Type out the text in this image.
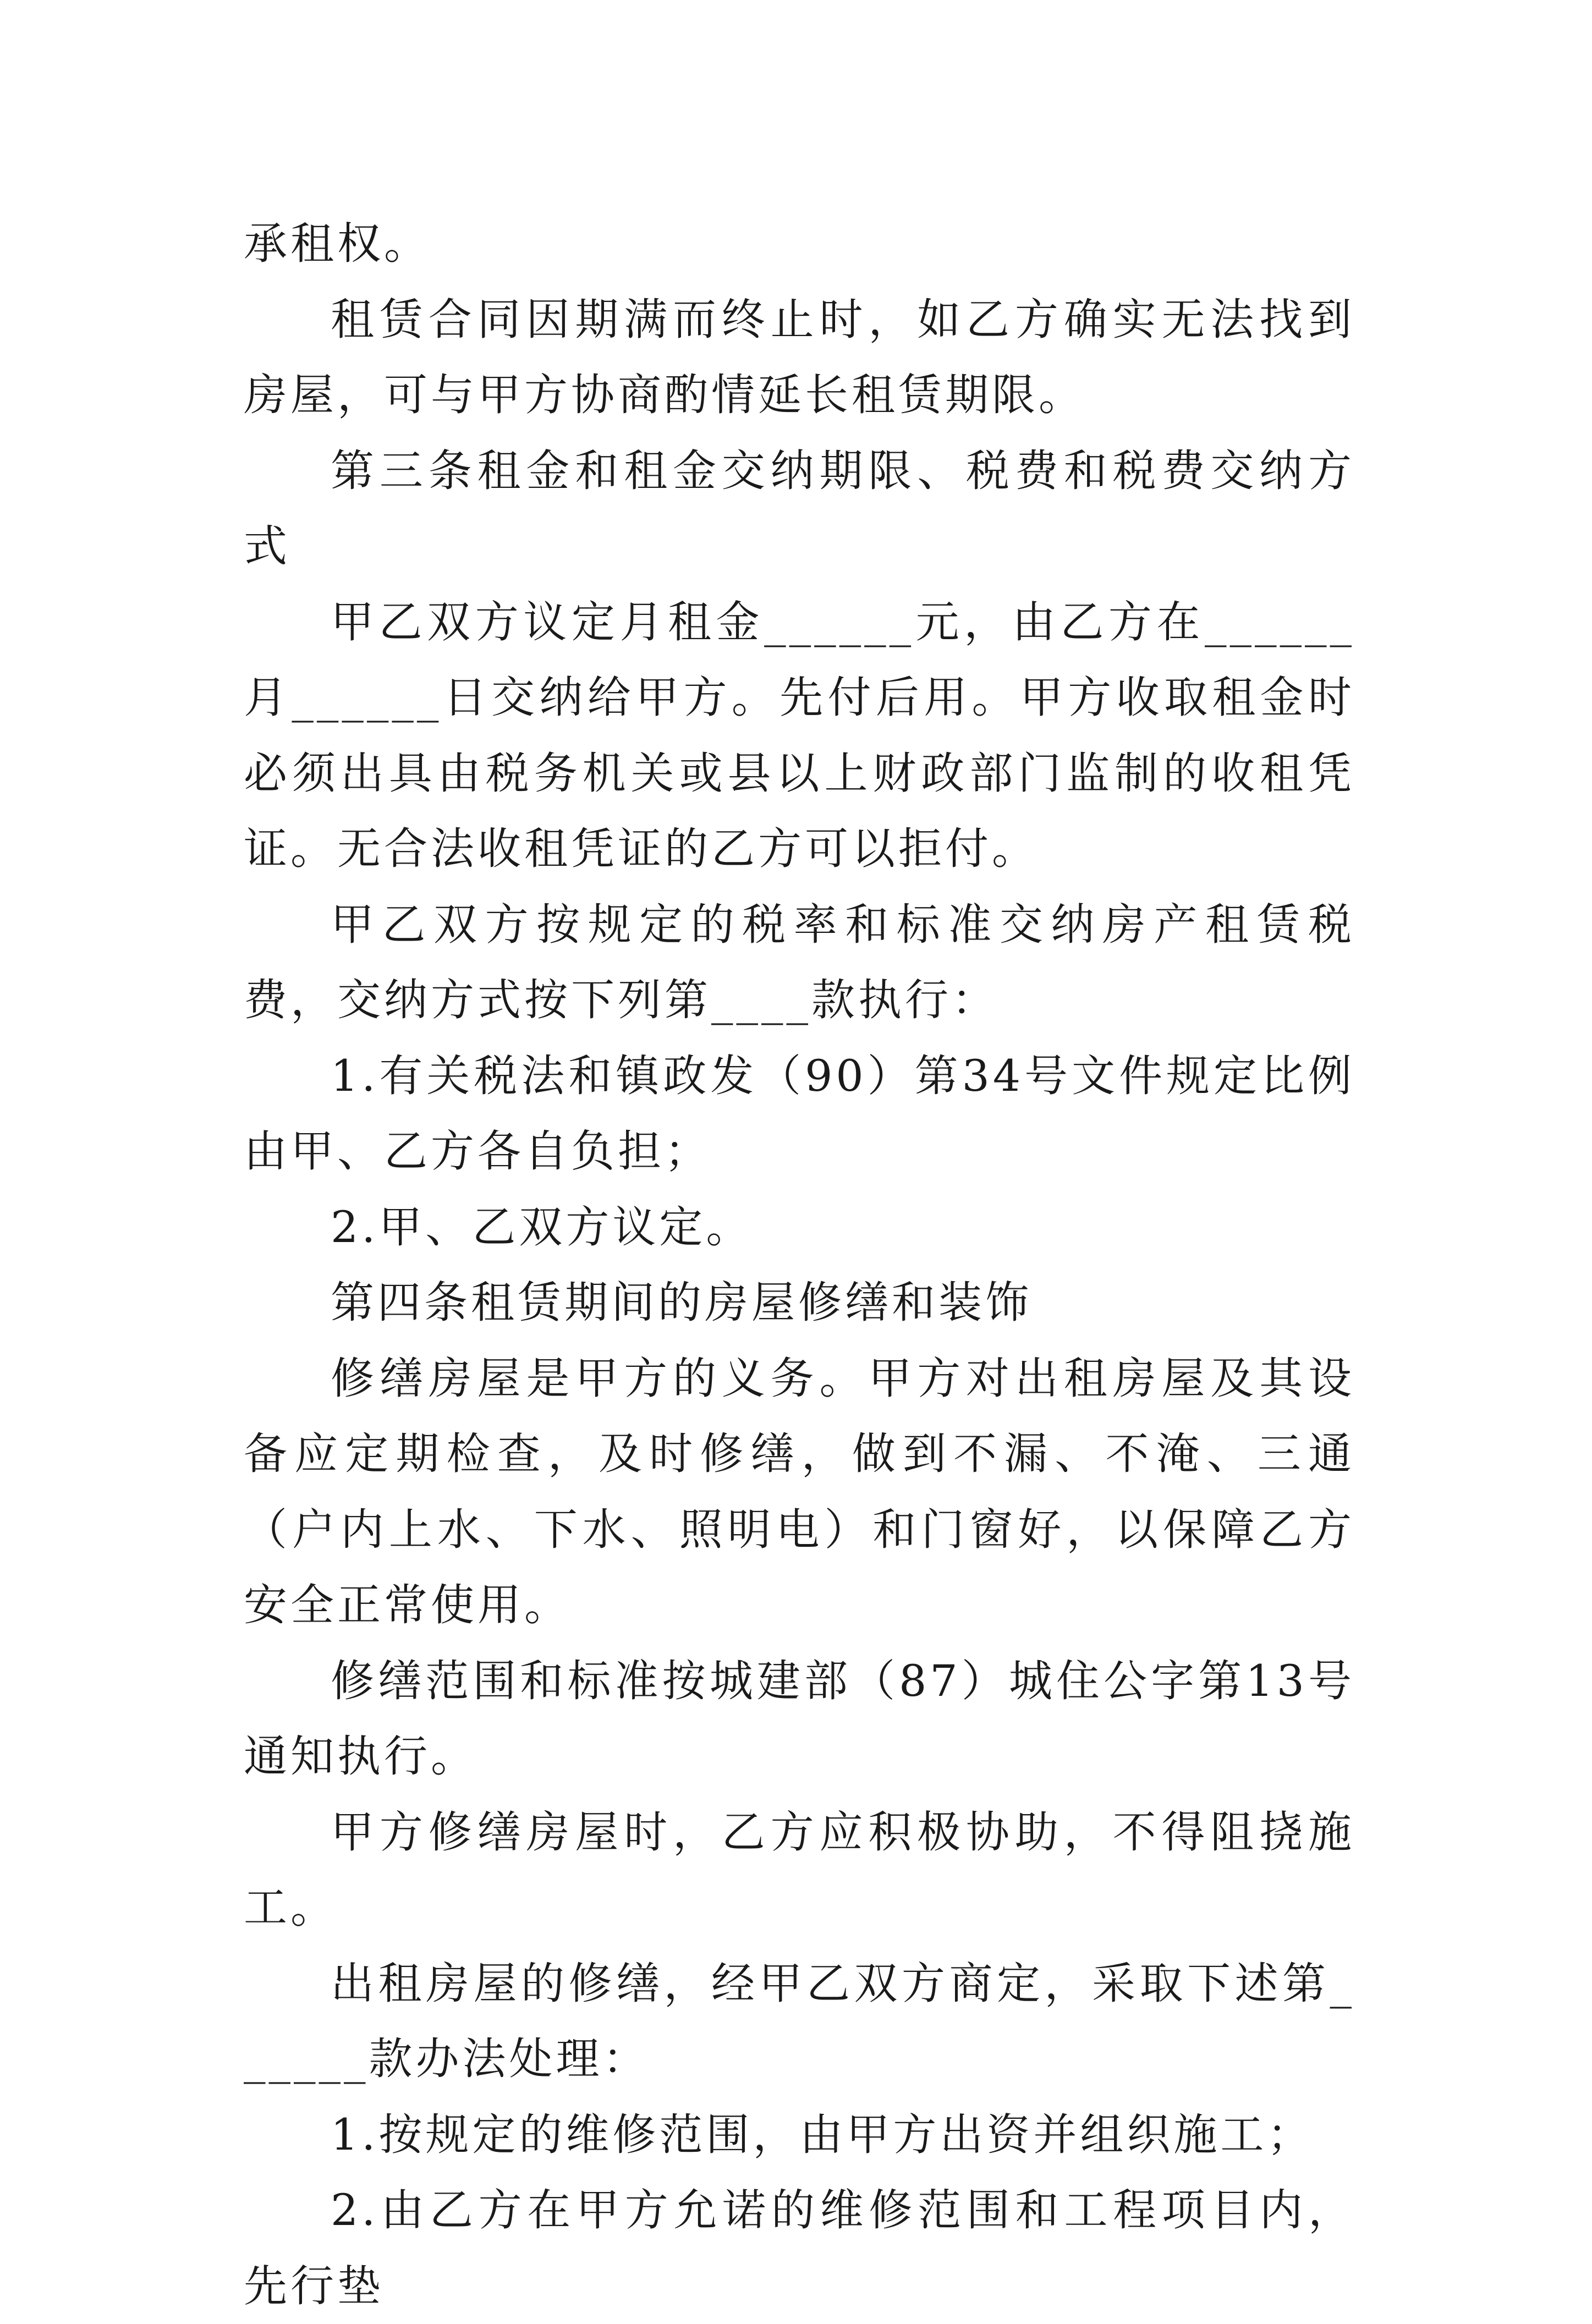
承租权。

租赁合同因期满而终止时，如乙方确实无法找到房屋，可与甲方协商酌情延长租赁期限。

第三条租金和租金交纳期限、税费和税费交纳方式

甲乙双方议定月租金______元，由乙方在______月______日交纳给甲方。先付后用。甲方收取租金时必须出具由税务机关或县以上财政部门监制的收租凭证。无合法收租凭证的乙方可以拒付。

甲乙双方按规定的税率和标准交纳房产租赁税费，交纳方式按下列第____款执行：

1.有关税法和镇政发（90）第34号文件规定比例由甲、乙方各自负担；

2.甲、乙双方议定。

第四条租赁期间的房屋修缮和装饰

修缮房屋是甲方的义务。甲方对出租房屋及其设备应定期检查，及时修缮，做到不漏、不淹、三通（户内上水、下水、照明电）和门窗好，以保障乙方安全正常使用。

修缮范围和标准按城建部（87）城住公字第13号通知执行。

甲方修缮房屋时，乙方应积极协助，不得阻挠施工。

出租房屋的修缮，经甲乙双方商定，采取下述第______款办法处理：

1.按规定的维修范围，由甲方出资并组织施工；

2.由乙方在甲方允诺的维修范围和工程项目内，先行垫
